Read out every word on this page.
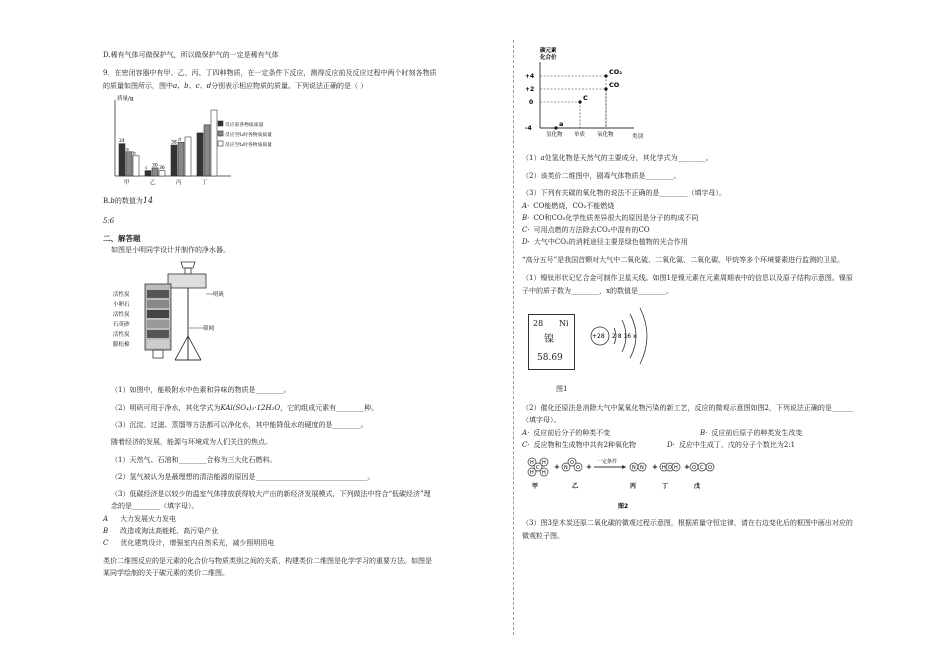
D.稀有气体可做保护气，所以做保护气的一定是稀有气体
9．在密闭容器中有甲、乙、丙、丁四种物质，在一定条件下反应，测得反应前及反应过程中两个时刻各物质
的质量如图所示，图中a、b、c、d分别表示相应物质的质量。下列说法正确的是（ ）
质量/g
24
a
b
甲
c
30
36
乙
38
d
丙	丁
反应前各物质质量
反应至t₁时各物质质量
反应至t₂时各物质质量
B.b的数值为14
5:6
二、解答题
如图是小明同学设计并制作的净水器。
明矾
筛网
活性炭
小卵石
活性炭
石英砂
活性炭
膨松棉
（1）如图中，能吸附水中色素和异味的物质是________。
（2）明矾可用于净水，其化学式为KAl(SO₄)₂·12H₂O，它的组成元素有________种。
（3）沉淀、过滤、蒸馏等方法都可以净化水，其中能降低水的硬度的是________。
随着经济的发展，能源与环境成为人们关注的焦点。
（1）天然气、石油和________合称为三大化石燃料。
（2）氢气被认为是最理想的清洁能源的原因是________________________________。
（3）低碳经济是以较少的温室气体排放获得较大产出的新经济发展模式，下列做法中符合“低碳经济”理
念的是________（填字母）。
A 大力发展火力发电
B 改造或淘汰高能耗、高污染产业
C 优化建筑设计，增强室内自然采光，减少照明用电
类价二维图反应的是元素的化合价与物质类别之间的关系，构建类价二维图是化学学习的重要方法。如图是
某同学绘制的关于碳元素的类价二维图。
碳元素
化合价
+4
+2
0
-4
a
C
CO
CO₂
氢化物 单质 氧化物	类别
（1）a处氢化物是天然气的主要成分，其化学式为________。
（2）该类价二维图中，剧毒气体物质是________。
（3）下列有关碳的氧化物的说法不正确的是________（填字母）。
A· CO能燃烧，CO₂不能燃烧
B· CO和CO₂化学性质差异很大的原因是分子的构成不同
C· 可用点燃的方法除去CO₂中混有的CO
D· 大气中CO₂的消耗途径主要是绿色植物的光合作用
“高分五号”是我国首颗对大气中二氧化硫、二氧化氮、二氧化碳、甲烷等多个环境要素进行监测的卫星。
（1）镍钛形状记忆合金可制作卫星天线。如图1是镍元素在元素周期表中的信息以及原子结构示意图。镍原
子中的质子数为________，x的数值是________。
+28 2 8 16 x
图1
（2）催化还原法是消除大气中氮氧化物污染的新工艺，反应的微观示意图如图2，下列说法正确的是______
（填字母）。
A· 反应前后分子的种类不变	B· 反应前后原子的种类发生改变
C· 反应物和生成物中共有2种氧化物	D· 反应中生成丁、戊的分子个数比为2:1
H
H
C
H
H
N
O
O	N N	H O H	O C O
+	+	+	+
一定条件
甲	乙	丙	丁	戊
图2
（3）图3是木炭还原二氧化碳的微观过程示意图，根据质量守恒定律，请在右边变化后的框图中画出对应的
微观粒子图。
28 Ni
镍
58.69
